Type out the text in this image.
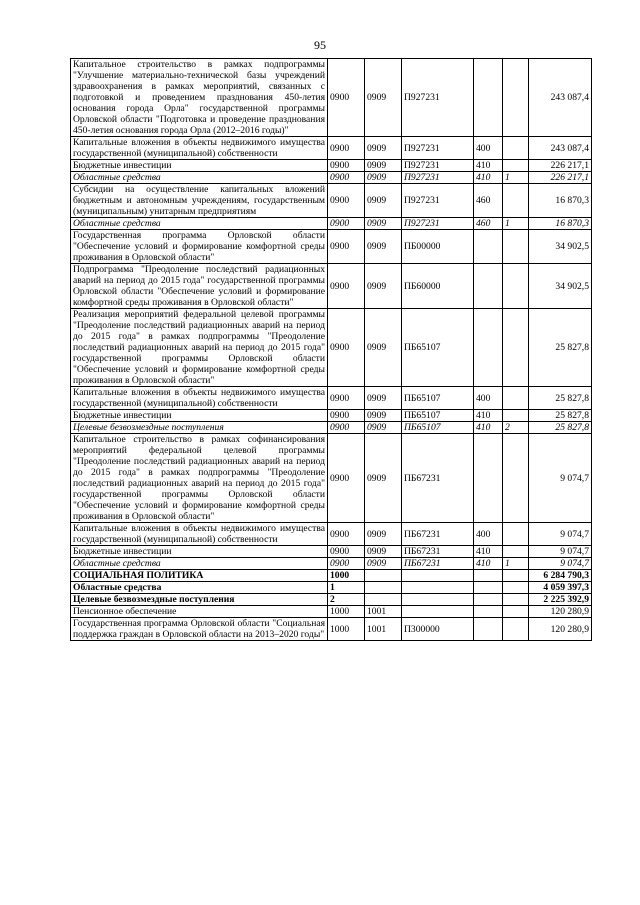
95
Капитальное строительство в рамках подпрограммы "Улучшение материально-технической базы учреждений здравоохранения в рамках мероприятий, связанных с подготовкой и проведением празднования 450-летия основания города Орла" государственной программы Орловской области "Подготовка и проведение празднования 450-летия основания города Орла (2012–2016 годы)"	0900	0909	П927231			243 087,4
Капитальные вложения в объекты недвижимого имущества государственной (муниципальной) собственности	0900	0909	П927231	400		243 087,4
Бюджетные инвестиции	0900	0909	П927231	410		226 217,1
Областные средства	0900	0909	П927231	410	1	226 217,1
Субсидии на осуществление капитальных вложений бюджетным и автономным учреждениям, государственным (муниципальным) унитарным предприятиям	0900	0909	П927231	460		16 870,3
Областные средства	0900	0909	П927231	460	1	16 870,3
Государственная программа Орловской области "Обеспечение условий и формирование комфортной среды проживания в Орловской области"	0900	0909	ПБ00000			34 902,5
Подпрограмма "Преодоление последствий радиационных аварий на период до 2015 года" государственной программы Орловской области "Обеспечение условий и формирование комфортной среды проживания в Орловской области"	0900	0909	ПБ60000			34 902,5
Реализация мероприятий федеральной целевой программы "Преодоление последствий радиационных аварий на период до 2015 года" в рамках подпрограммы "Преодоление последствий радиационных аварий на период до 2015 года" государственной программы Орловской области "Обеспечение условий и формирование комфортной среды проживания в Орловской области"	0900	0909	ПБ65107			25 827,8
Капитальные вложения в объекты недвижимого имущества государственной (муниципальной) собственности	0900	0909	ПБ65107	400		25 827,8
Бюджетные инвестиции	0900	0909	ПБ65107	410		25 827,8
Целевые безвозмездные поступления	0900	0909	ПБ65107	410	2	25 827,8
Капитальное строительство в рамках софинансирования мероприятий федеральной целевой программы "Преодоление последствий радиационных аварий на период до 2015 года" в рамках подпрограммы "Преодоление последствий радиационных аварий на период до 2015 года" государственной программы Орловской области "Обеспечение условий и формирование комфортной среды проживания в Орловской области"	0900	0909	ПБ67231			9 074,7
Капитальные вложения в объекты недвижимого имущества государственной (муниципальной) собственности	0900	0909	ПБ67231	400		9 074,7
Бюджетные инвестиции	0900	0909	ПБ67231	410		9 074,7
Областные средства	0900	0909	ПБ67231	410	1	9 074,7
СОЦИАЛЬНАЯ ПОЛИТИКА	1000					6 284 790,3
Областные средства	1					4 059 397,3
Целевые безвозмездные поступления	2					2 225 392,9
Пенсионное обеспечение	1000	1001				120 280,9
Государственная программа Орловской области "Социальная поддержка граждан в Орловской области на 2013–2020 годы"	1000	1001	П300000			120 280,9
